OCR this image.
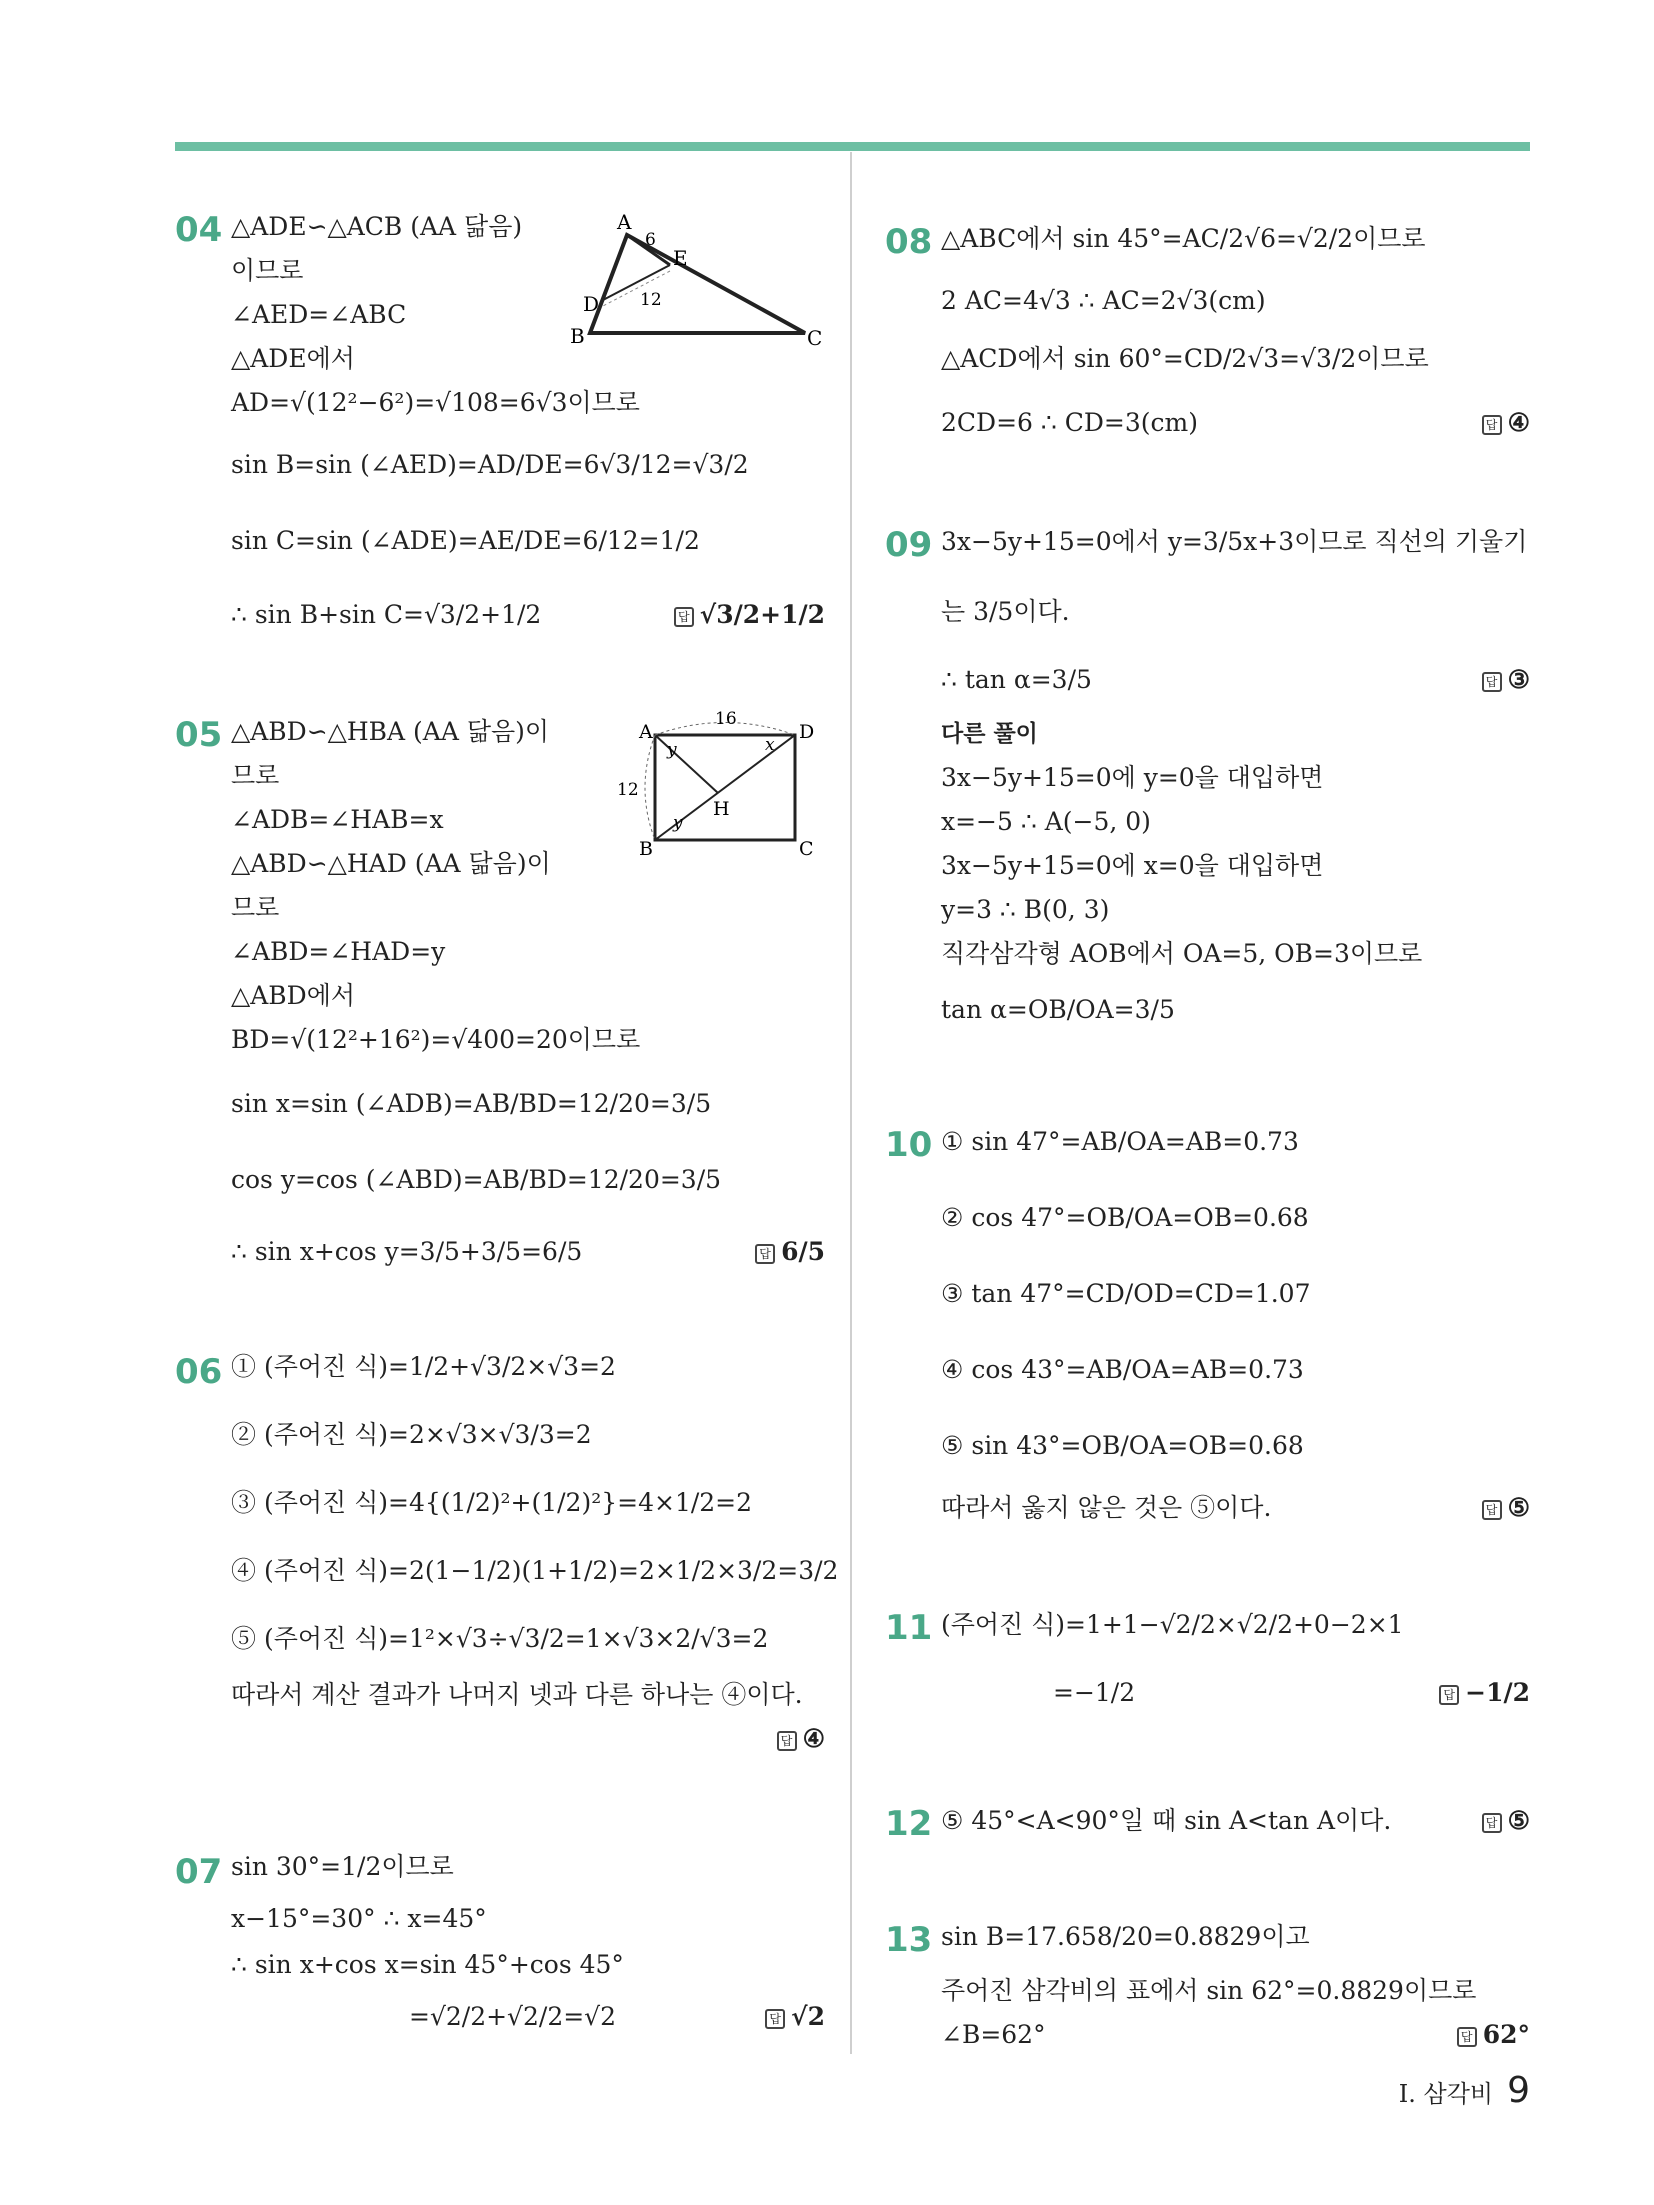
04 △ADE∽△ACB (AA 닮음)
이므로
∠AED=∠ABC
△ADE에서
AD=√(12²−6²)=√108=6√3이므로
sin B=sin (∠AED)=AD/DE=6√3/12=√3/2
sin C=sin (∠ADE)=AE/DE=6/12=1/2
∴ sin B+sin C=√3/2+1/2	답 √3/2+1/2
A
B	C
D
E
6
12
05 △ABD∽△HBA (AA 닮음)이
므로
∠ADB=∠HAB=x
△ABD∽△HAD (AA 닮음)이
므로
∠ABD=∠HAD=y
△ABD에서
BD=√(12²+16²)=√400=20이므로
sin x=sin (∠ADB)=AB/BD=12/20=3/5
cos y=cos (∠ABD)=AB/BD=12/20=3/5
∴ sin x+cos y=3/5+3/5=6/5	답 6/5
A
B	C
D
H
16
12
x
y
y
06 ① (주어진 식)=1/2+√3/2×√3=2
② (주어진 식)=2×√3×√3/3=2
③ (주어진 식)=4{(1/2)²+(1/2)²}=4×1/2=2
④ (주어진 식)=2(1−1/2)(1+1/2)=2×1/2×3/2=3/2
⑤ (주어진 식)=1²×√3÷√3/2=1×√3×2/√3=2
따라서 계산 결과가 나머지 넷과 다른 하나는 ④이다.
답 ④
07 sin 30°=1/2이므로
x−15°=30° ∴ x=45°
∴ sin x+cos x=sin 45°+cos 45°
=√2/2+√2/2=√2	답 √2
08 △ABC에서 sin 45°=AC/2√6=√2/2이므로
2 AC=4√3 ∴ AC=2√3(cm)
△ACD에서 sin 60°=CD/2√3=√3/2이므로
2CD=6 ∴ CD=3(cm)	답 ④
09 3x−5y+15=0에서 y=3/5x+3이므로 직선의 기울기
는 3/5이다.
∴ tan α=3/5
다른 풀이
3x−5y+15=0에 y=0을 대입하면
x=−5 ∴ A(−5, 0)
3x−5y+15=0에 x=0을 대입하면
y=3 ∴ B(0, 3)
직각삼각형 AOB에서 OA=5, OB=3이므로
tan α=OB/OA=3/5
답 ③
10 ① sin 47°=AB/OA=AB=0.73
② cos 47°=OB/OA=OB=0.68
③ tan 47°=CD/OD=CD=1.07
④ cos 43°=AB/OA=AB=0.73
⑤ sin 43°=OB/OA=OB=0.68
따라서 옳지 않은 것은 ⑤이다.	답 ⑤
11 (주어진 식)=1+1−√2/2×√2/2+0−2×1
=−1/2	답 −1/2
12 ⑤ 45°<A<90°일 때 sin A<tan A이다.	답 ⑤
13 sin B=17.658/20=0.8829이고
주어진 삼각비의 표에서 sin 62°=0.8829이므로
∠B=62°	답 62°
I. 삼각비 9
